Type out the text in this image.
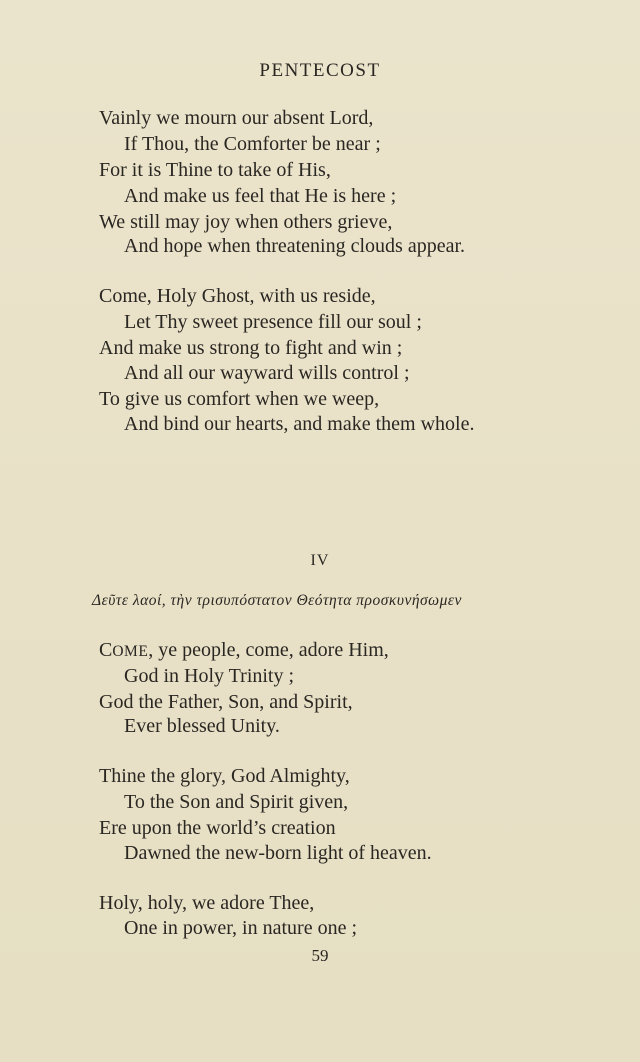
PENTECOST
Vainly we mourn our absent Lord,
If Thou, the Comforter be near ;
For it is Thine to take of His,
And make us feel that He is here ;
We still may joy when others grieve,
And hope when threatening clouds appear.
Come, Holy Ghost, with us reside,
Let Thy sweet presence fill our soul ;
And make us strong to fight and win ;
And all our wayward wills control ;
To give us comfort when we weep,
And bind our hearts, and make them whole.
IV
Δεῦτε λαοί, τὴν τρισυπόστατον Θεότητα προσκυνήσωμεν
COME, ye people, come, adore Him,
God in Holy Trinity ;
God the Father, Son, and Spirit,
Ever blessed Unity.
Thine the glory, God Almighty,
To the Son and Spirit given,
Ere upon the world’s creation
Dawned the new-born light of heaven.
Holy, holy, we adore Thee,
One in power, in nature one ;
59
